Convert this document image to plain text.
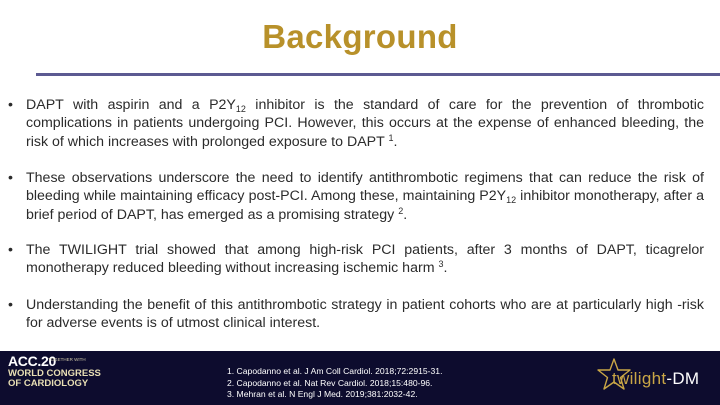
Background
• DAPT with aspirin and a $P2Y_{12}$ inhibitor is the standard of care for the prevention of thrombotic complications in patients undergoing PCI. However, this occurs at the expense of enhanced bleeding, the risk of which increases with prolonged exposure to DAPT $^1$.
• These observations underscore the need to identify antithrombotic regimens that can reduce the risk of bleeding while maintaining efficacy post-PCI. Among these, maintaining $P2Y_{12}$ inhibitor monotherapy, after a brief period of DAPT, has emerged as a promising strategy $^2$.
• The TWILIGHT trial showed that among high-risk PCI patients, after 3 months of DAPT, ticagrelor monotherapy reduced bleeding without increasing ischemic harm $^3$.
• Understanding the benefit of this antithrombotic strategy in patient cohorts who are at particularly high -risk for adverse events is of utmost clinical interest.
ACC.20
TOGETHER WITH
WORLD CONGRESS
OF CARDIOLOGY
1. Capodanno et al. J Am Coll Cardiol. 2018;72:2915-31.
2. Capodanno et al. Nat Rev Cardiol. 2018;15:480-96.
3. Mehran et al. N Engl J Med. 2019;381:2032-42.
twilight-DM
